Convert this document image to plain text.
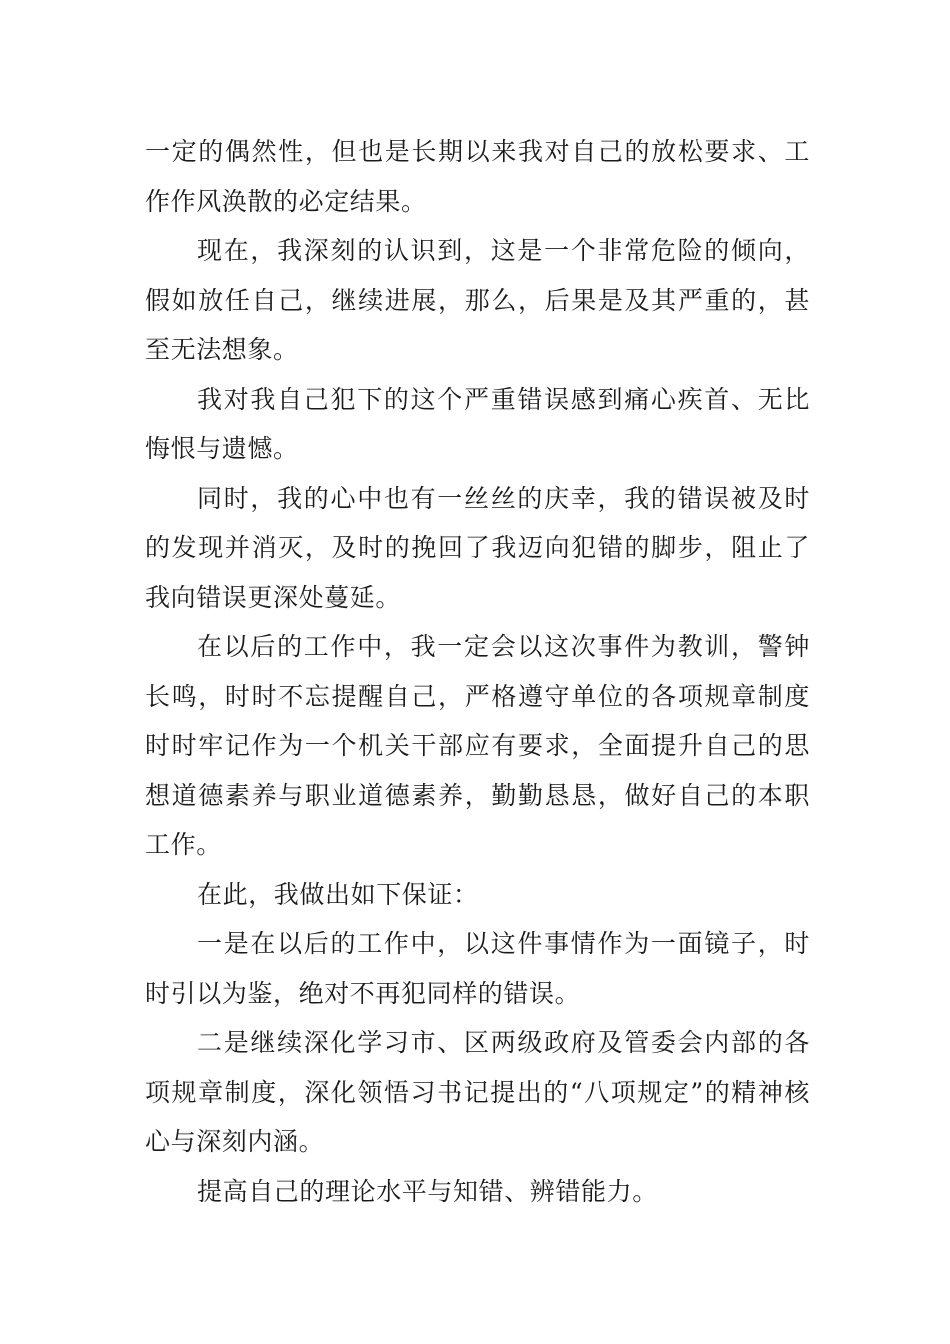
一定的偶然性，但也是长期以来我对自己的放松要求、工作作风涣散的必定结果。

现在，我深刻的认识到，这是一个非常危险的倾向，假如放任自己，继续进展，那么，后果是及其严重的，甚至无法想象。

我对我自己犯下的这个严重错误感到痛心疾首、无比悔恨与遗憾。

同时，我的心中也有一丝丝的庆幸，我的错误被及时的发现并消灭，及时的挽回了我迈向犯错的脚步，阻止了我向错误更深处蔓延。

在以后的工作中，我一定会以这次事件为教训，警钟长鸣，时时不忘提醒自己，严格遵守单位的各项规章制度时时牢记作为一个机关干部应有要求，全面提升自己的思想道德素养与职业道德素养，勤勤恳恳，做好自己的本职工作。

在此，我做出如下保证：

一是在以后的工作中，以这件事情作为一面镜子，时时引以为鉴，绝对不再犯同样的错误。

二是继续深化学习市、区两级政府及管委会内部的各项规章制度，深化领悟习书记提出的“八项规定”的精神核心与深刻内涵。

提高自己的理论水平与知错、辨错能力。
